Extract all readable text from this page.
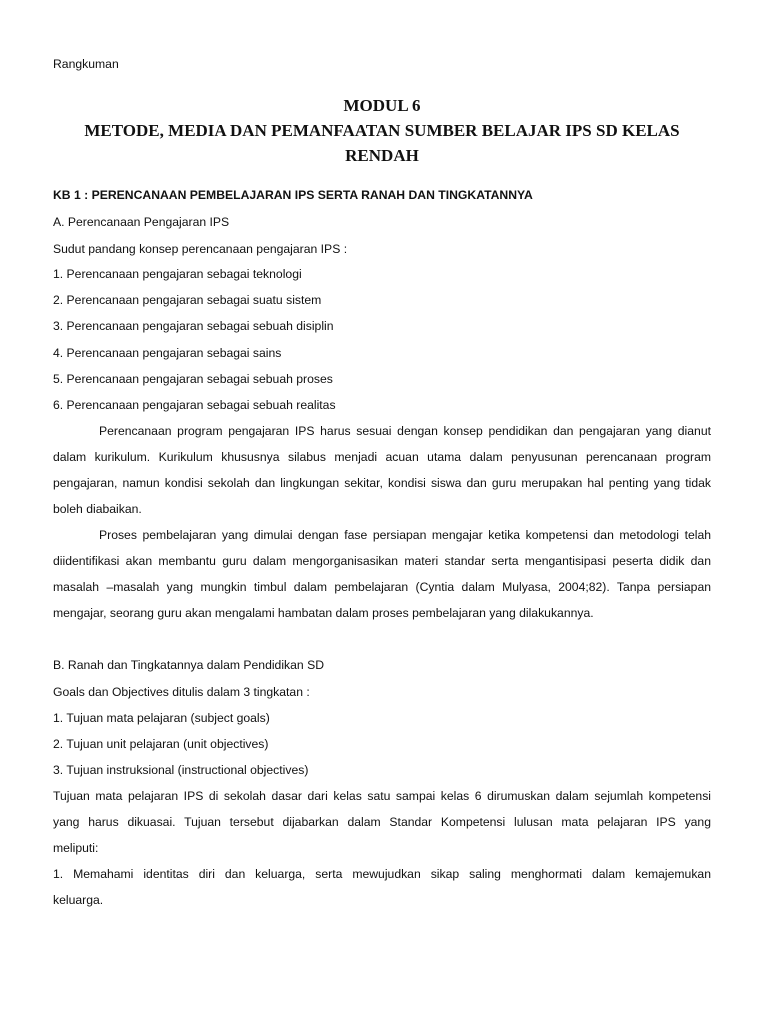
Rangkuman
MODUL 6
METODE, MEDIA DAN PEMANFAATAN SUMBER BELAJAR IPS SD KELAS
RENDAH
KB 1 : PERENCANAAN PEMBELAJARAN IPS SERTA RANAH DAN TINGKATANNYA
A. Perencanaan Pengajaran IPS
Sudut pandang konsep perencanaan pengajaran IPS :
1. Perencanaan pengajaran sebagai teknologi
2. Perencanaan pengajaran sebagai suatu sistem
3. Perencanaan pengajaran sebagai sebuah disiplin
4. Perencanaan pengajaran sebagai sains
5. Perencanaan pengajaran sebagai sebuah proses
6. Perencanaan pengajaran sebagai sebuah realitas
Perencanaan program pengajaran IPS harus sesuai dengan konsep pendidikan dan pengajaran yang dianut
dalam kurikulum. Kurikulum khususnya silabus menjadi acuan utama dalam penyusunan perencanaan program
pengajaran, namun kondisi sekolah dan lingkungan sekitar, kondisi siswa dan guru merupakan hal penting yang tidak
boleh diabaikan.
Proses pembelajaran yang dimulai dengan fase persiapan mengajar ketika kompetensi dan metodologi telah
diidentifikasi akan membantu guru dalam mengorganisasikan materi standar serta mengantisipasi peserta didik dan
masalah –masalah yang mungkin timbul dalam pembelajaran (Cyntia dalam Mulyasa, 2004;82). Tanpa persiapan
mengajar, seorang guru akan mengalami hambatan dalam proses pembelajaran yang dilakukannya.
B. Ranah dan Tingkatannya dalam Pendidikan SD
Goals dan Objectives ditulis dalam 3 tingkatan :
1. Tujuan mata pelajaran (subject goals)
2. Tujuan unit pelajaran (unit objectives)
3. Tujuan instruksional (instructional objectives)
Tujuan mata pelajaran IPS di sekolah dasar dari kelas satu sampai kelas 6 dirumuskan dalam sejumlah kompetensi
yang harus dikuasai. Tujuan tersebut dijabarkan dalam Standar Kompetensi lulusan mata pelajaran IPS yang
meliputi:
1. Memahami identitas diri dan keluarga, serta mewujudkan sikap saling menghormati dalam kemajemukan
keluarga.
